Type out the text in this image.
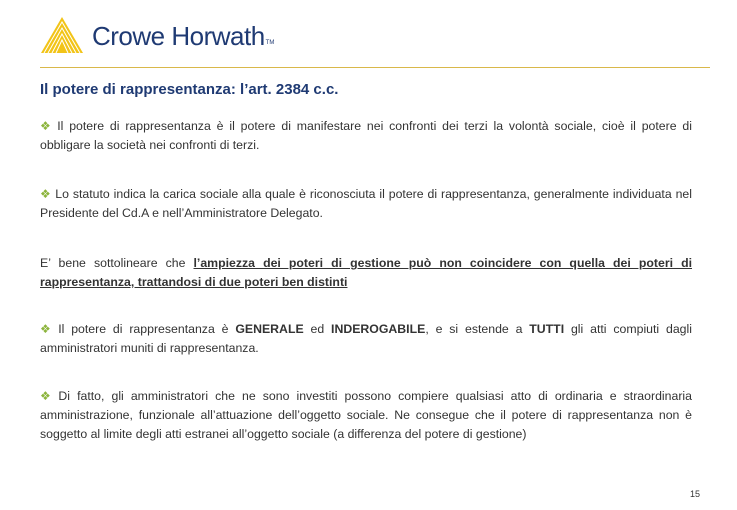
Crowe Horwath TM
Il potere di rappresentanza: l’art. 2384 c.c.
❖ Il potere di rappresentanza è il potere di manifestare nei confronti dei terzi la volontà sociale, cioè il potere di obbligare la società nei confronti di terzi.
❖ Lo statuto indica la carica sociale alla quale è riconosciuta il potere di rappresentanza, generalmente individuata nel Presidente del Cd.A e nell’Amministratore Delegato.
E’ bene sottolineare che l’ampiezza dei poteri di gestione può non coincidere con quella dei poteri di rappresentanza, trattandosi di due poteri ben distinti
❖ Il potere di rappresentanza è GENERALE ed INDEROGABILE, e si estende a TUTTI gli atti compiuti dagli amministratori muniti di rappresentanza.
❖ Di fatto, gli amministratori che ne sono investiti possono compiere qualsiasi atto di ordinaria e straordinaria amministrazione, funzionale all’attuazione dell’oggetto sociale. Ne consegue che il potere di rappresentanza non è soggetto al limite degli atti estranei all’oggetto sociale (a differenza del potere di gestione)
15
